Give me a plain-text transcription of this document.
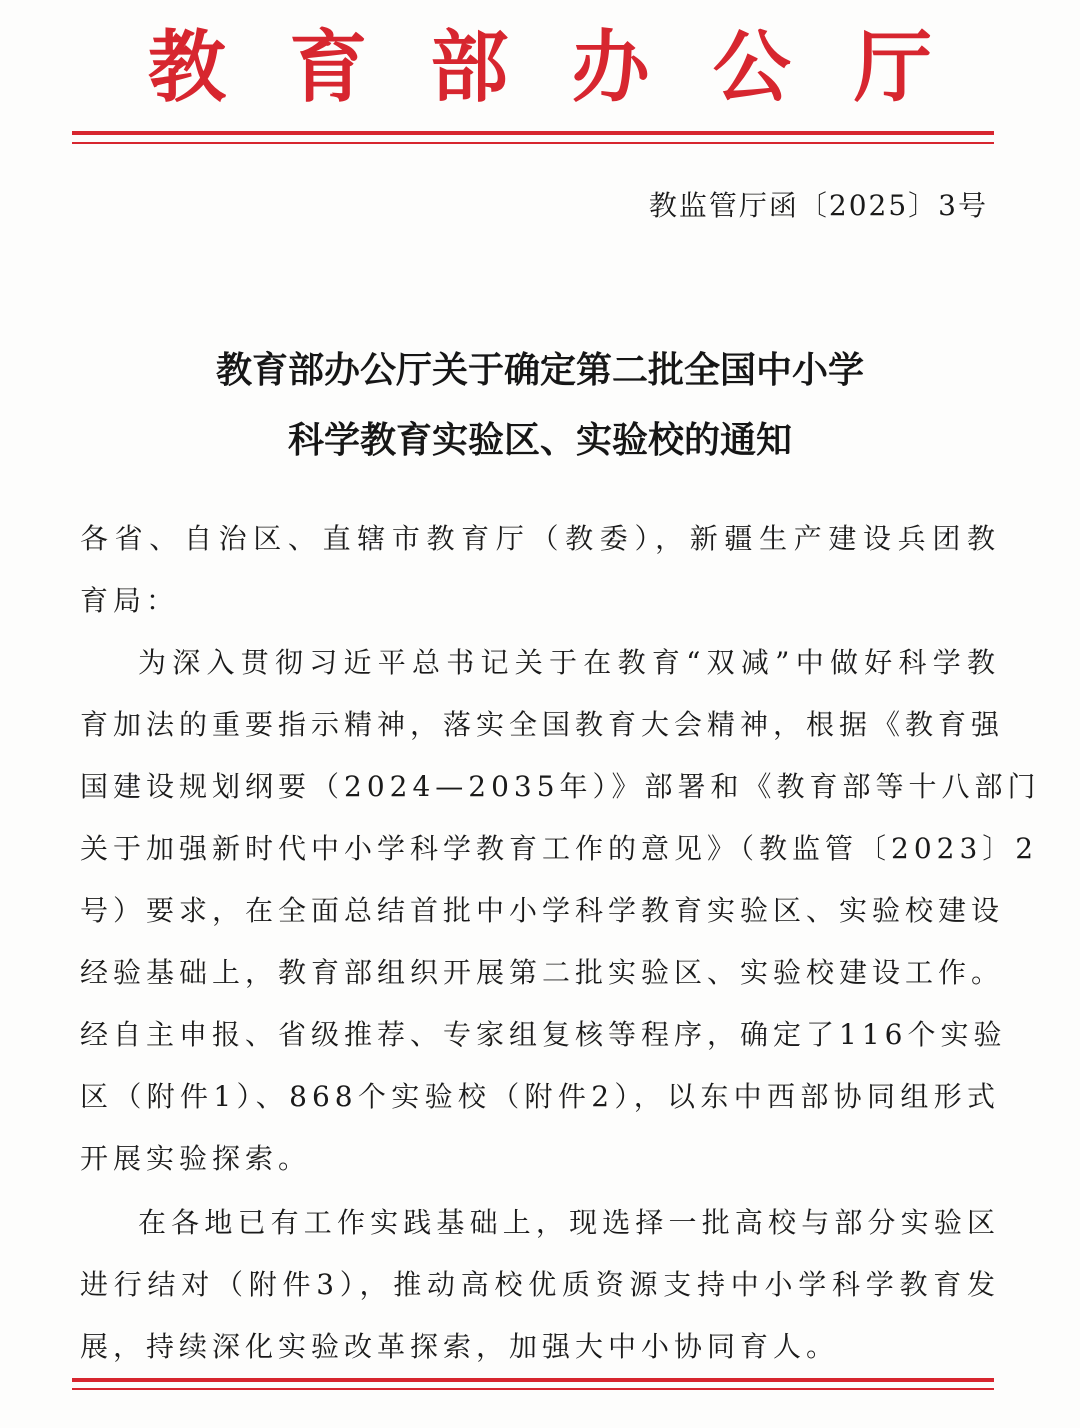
教 育 部 办 公 厅
教监管厅函〔2025〕3号
教育部办公厅关于确定第二批全国中小学
科学教育实验区、实验校的通知
各省、自治区、直辖市教育厅（教委），新疆生产建设兵团教
育局：
为深入贯彻习近平总书记关于在教育“双减”中做好科学教
育加法的重要指示精神，落实全国教育大会精神，根据《教育强
国建设规划纲要（2024—2035年）》部署和《教育部等十八部门
关于加强新时代中小学科学教育工作的意见》（教监管〔2023〕2
号）要求，在全面总结首批中小学科学教育实验区、实验校建设
经验基础上，教育部组织开展第二批实验区、实验校建设工作。
经自主申报、省级推荐、专家组复核等程序，确定了116个实验
区（附件1）、868个实验校（附件2），以东中西部协同组形式
开展实验探索。
在各地已有工作实践基础上，现选择一批高校与部分实验区
进行结对（附件3），推动高校优质资源支持中小学科学教育发
展，持续深化实验改革探索，加强大中小协同育人。
